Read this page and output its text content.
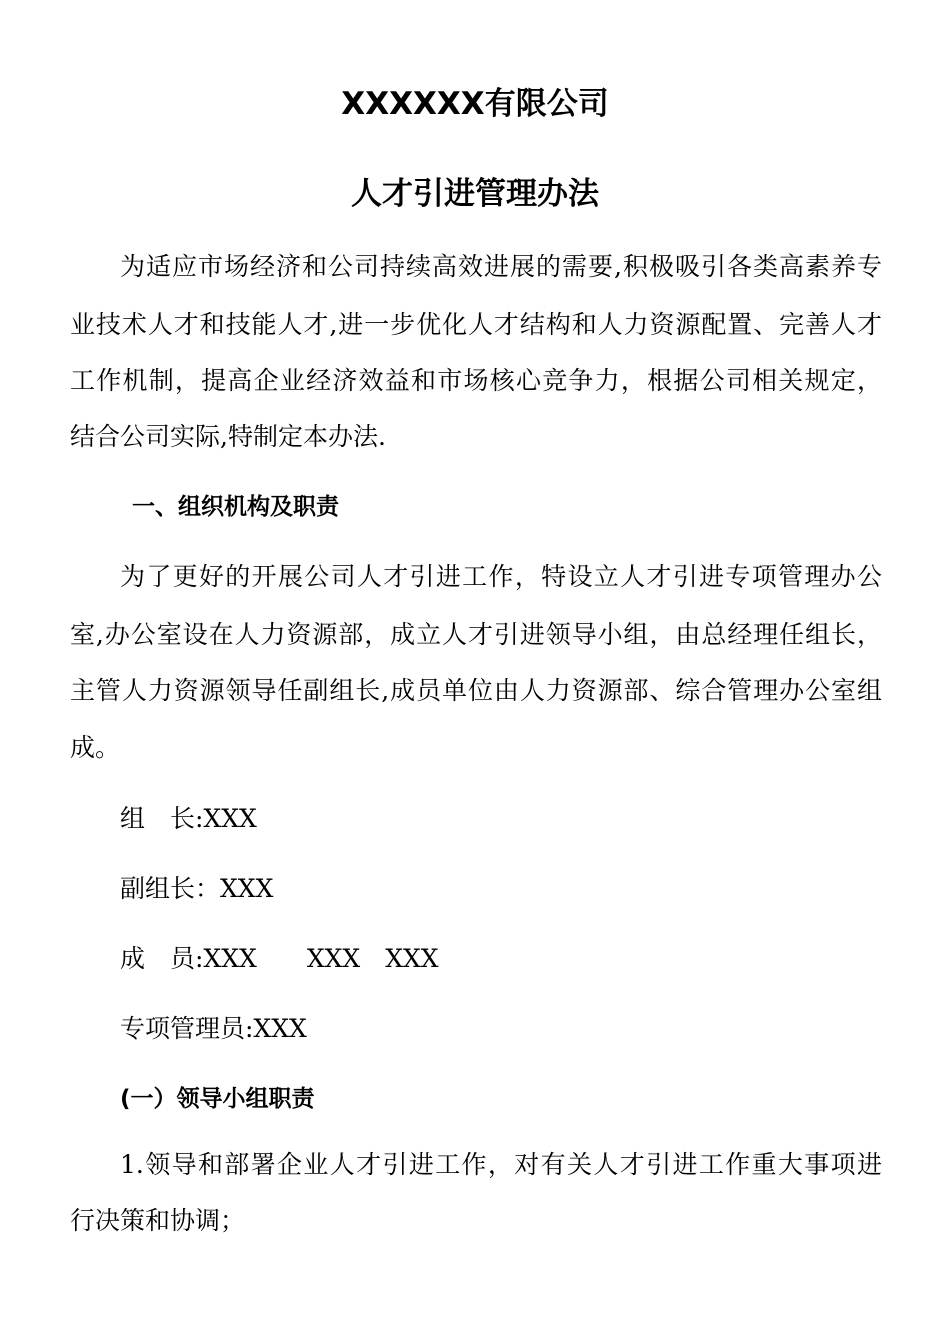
XXXXXX有限公司
人才引进管理办法
为适应市场经济和公司持续高效进展的需要,积极吸引各类高素养专
业技术人才和技能人才,进一步优化人才结构和人力资源配置、完善人才
工作机制，提高企业经济效益和市场核心竞争力，根据公司相关规定，
结合公司实际,特制定本办法.
一、组织机构及职责
为了更好的开展公司人才引进工作，特设立人才引进专项管理办公
室,办公室设在人力资源部，成立人才引进领导小组，由总经理任组长，
主管人力资源领导任副组长,成员单位由人力资源部、综合管理办公室组
成。
组　长:XXX
副组长：XXX
成　员:XXX　　XXX　XXX
专项管理员:XXX
(一）领导小组职责
1.领导和部署企业人才引进工作，对有关人才引进工作重大事项进
行决策和协调；
